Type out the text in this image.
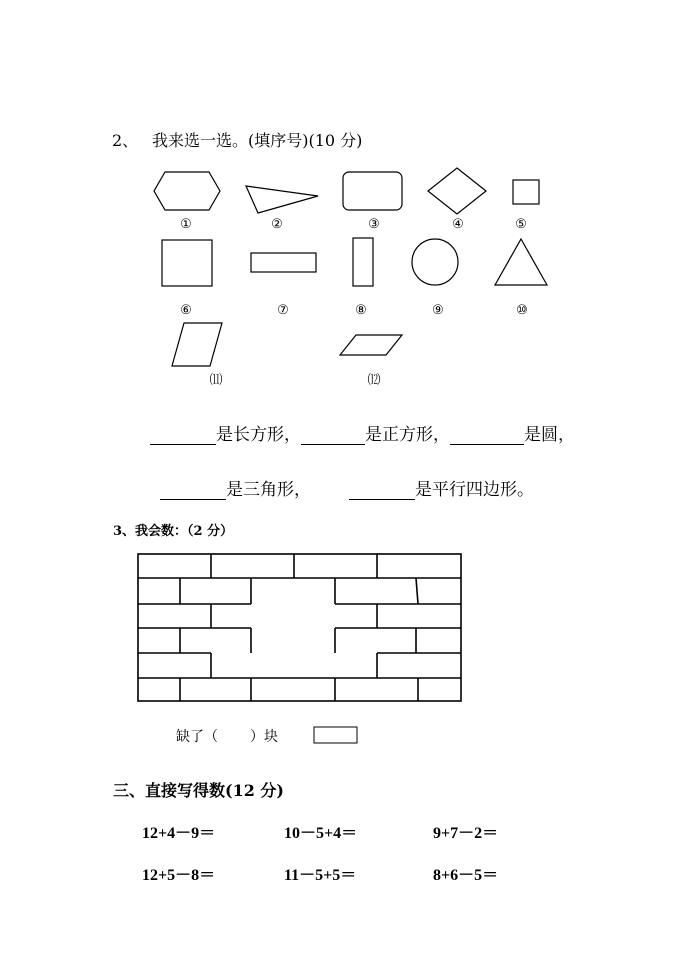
2、 我来选一选。(填序号)(10 分)
①	②	③	④	⑤
⑥	⑦	⑧	⑨	⑩
⑾	⑿
是长方形，	是正方形，	是圆，
是三角形，	是平行四边形。
3、我会数：（2 分）
缺了（ ）块
三、直接写得数(12 分)
12+4－9＝	10－5+4＝	9+7－2＝
12+5－8＝	11－5+5＝	8+6－5＝
